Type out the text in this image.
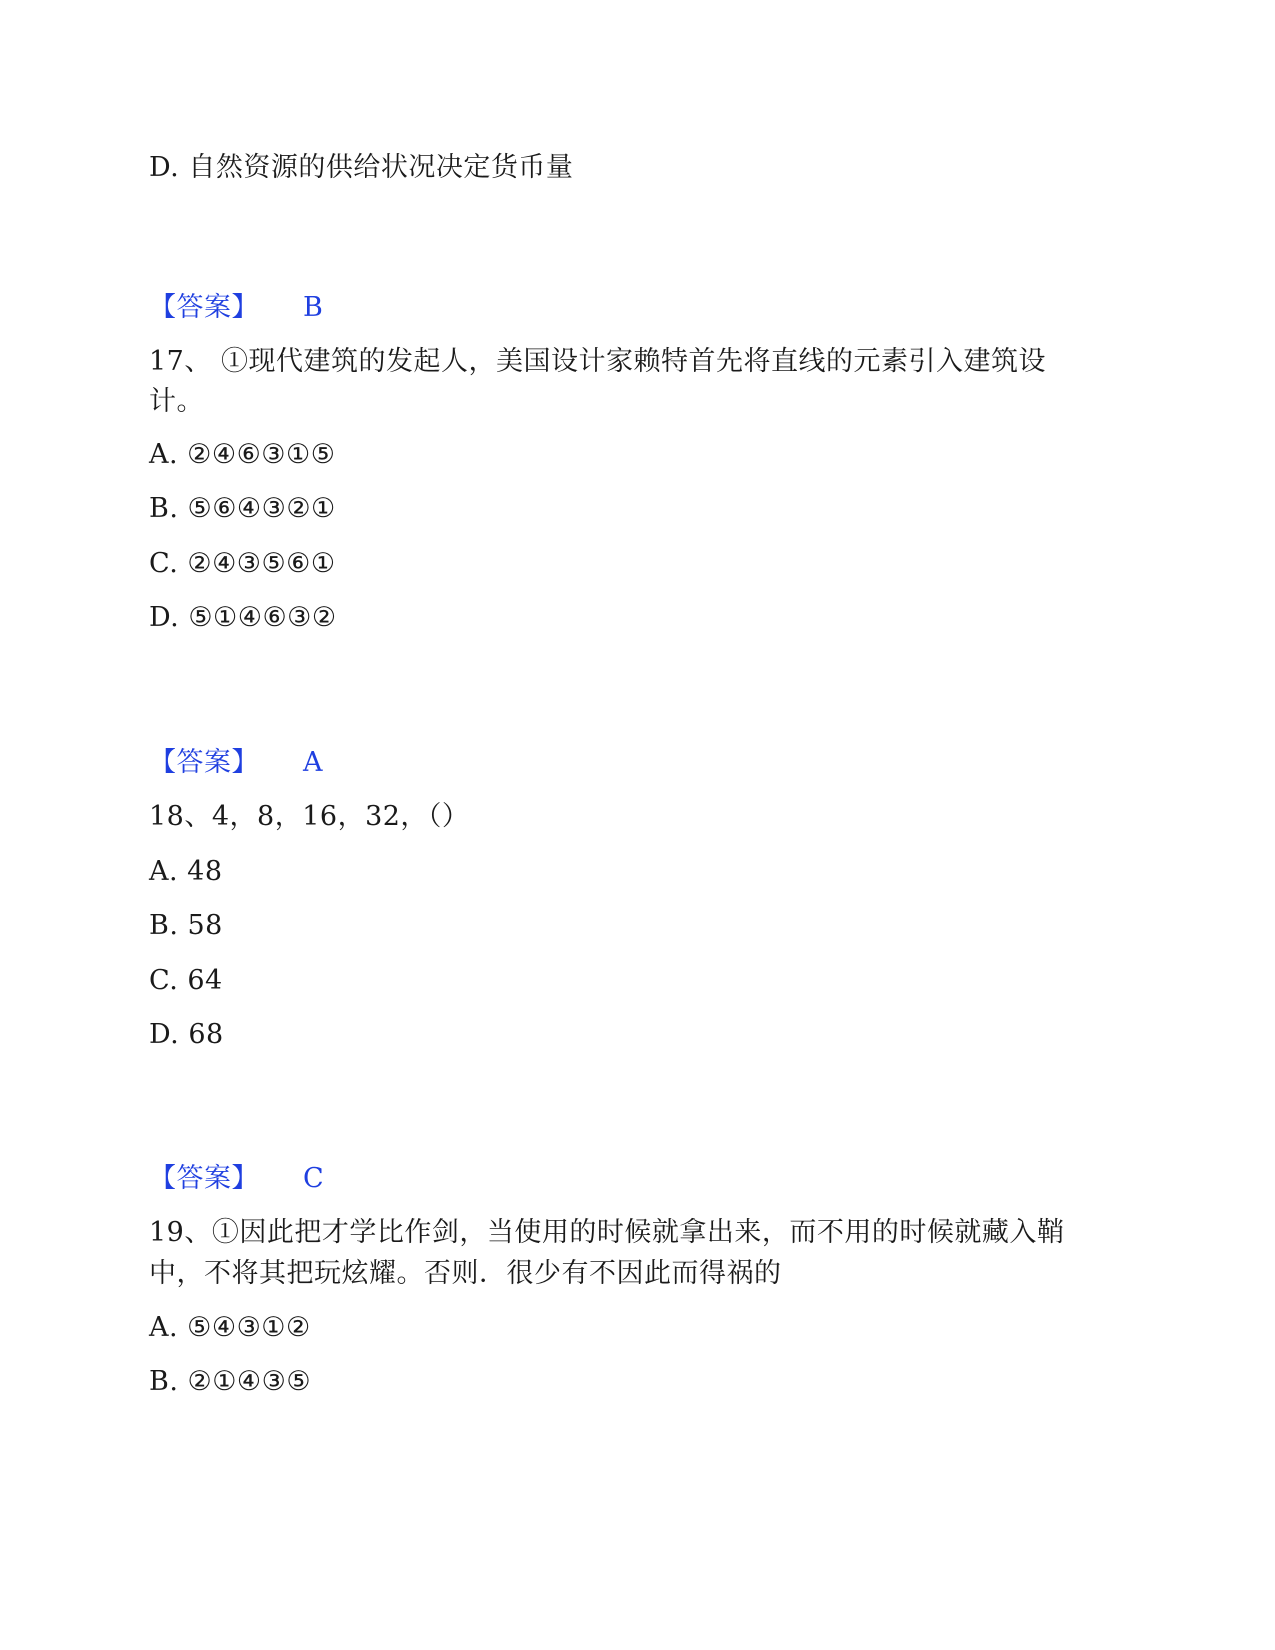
D. 自然资源的供给状况决定货币量
【答案】 B
17、 ①现代建筑的发起人，美国设计家赖特首先将直线的元素引入建筑设
计。
A. ②④⑥③①⑤
B. ⑤⑥④③②①
C. ②④③⑤⑥①
D. ⑤①④⑥③②
【答案】 A
18、4，8，16，32，（）
A. 48
B. 58
C. 64
D. 68
【答案】 C
19、①因此把才学比作剑，当使用的时候就拿出来，而不用的时候就藏入鞘
中，不将其把玩炫耀。否则．很少有不因此而得祸的
A. ⑤④③①②
B. ②①④③⑤
